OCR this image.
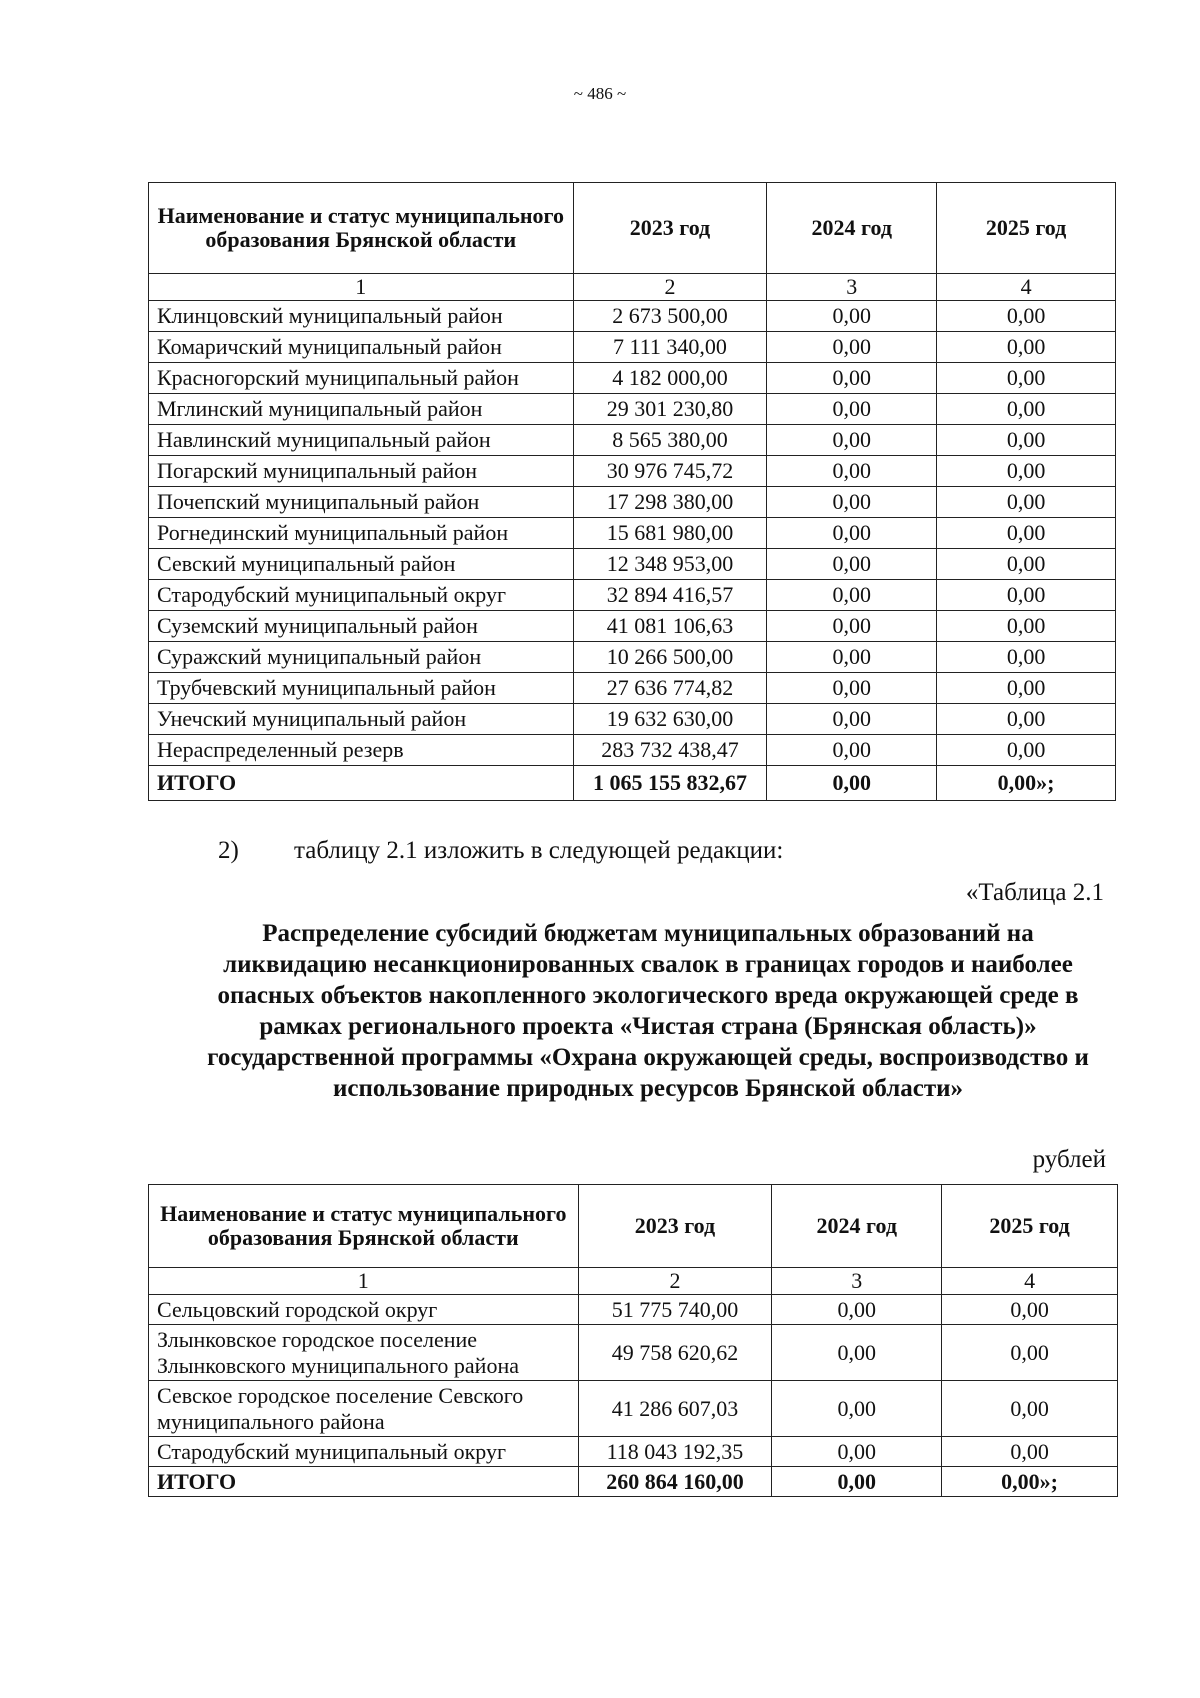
~ 486 ~
Наименование и статус муниципального образования Брянской области	2023 год	2024 год	2025 год
1	2	3	4
Клинцовский муниципальный район	2 673 500,00	0,00	0,00
Комаричский муниципальный район	7 111 340,00	0,00	0,00
Красногорский муниципальный район	4 182 000,00	0,00	0,00
Мглинский муниципальный район	29 301 230,80	0,00	0,00
Навлинский муниципальный район	8 565 380,00	0,00	0,00
Погарский муниципальный район	30 976 745,72	0,00	0,00
Почепский муниципальный район	17 298 380,00	0,00	0,00
Рогнединский муниципальный район	15 681 980,00	0,00	0,00
Севский муниципальный район	12 348 953,00	0,00	0,00
Стародубский муниципальный округ	32 894 416,57	0,00	0,00
Суземский муниципальный район	41 081 106,63	0,00	0,00
Суражский муниципальный район	10 266 500,00	0,00	0,00
Трубчевский муниципальный район	27 636 774,82	0,00	0,00
Унечский муниципальный район	19 632 630,00	0,00	0,00
Нераспределенный резерв	283 732 438,47	0,00	0,00
ИТОГО	1 065 155 832,67	0,00	0,00»;
2) таблицу 2.1 изложить в следующей редакции:
«Таблица 2.1
Распределение субсидий бюджетам муниципальных образований на ликвидацию несанкционированных свалок в границах городов и наиболее опасных объектов накопленного экологического вреда окружающей среде в рамках регионального проекта «Чистая страна (Брянская область)» государственной программы «Охрана окружающей среды, воспроизводство и использование природных ресурсов Брянской области»
рублей
Наименование и статус муниципального образования Брянской области	2023 год	2024 год	2025 год
1	2	3	4
Сельцовский городской округ	51 775 740,00	0,00	0,00
Злынковское городское поселение Злынковского муниципального района	49 758 620,62	0,00	0,00
Севское городское поселение Севского муниципального района	41 286 607,03	0,00	0,00
Стародубский муниципальный округ	118 043 192,35	0,00	0,00
ИТОГО	260 864 160,00	0,00	0,00»;
